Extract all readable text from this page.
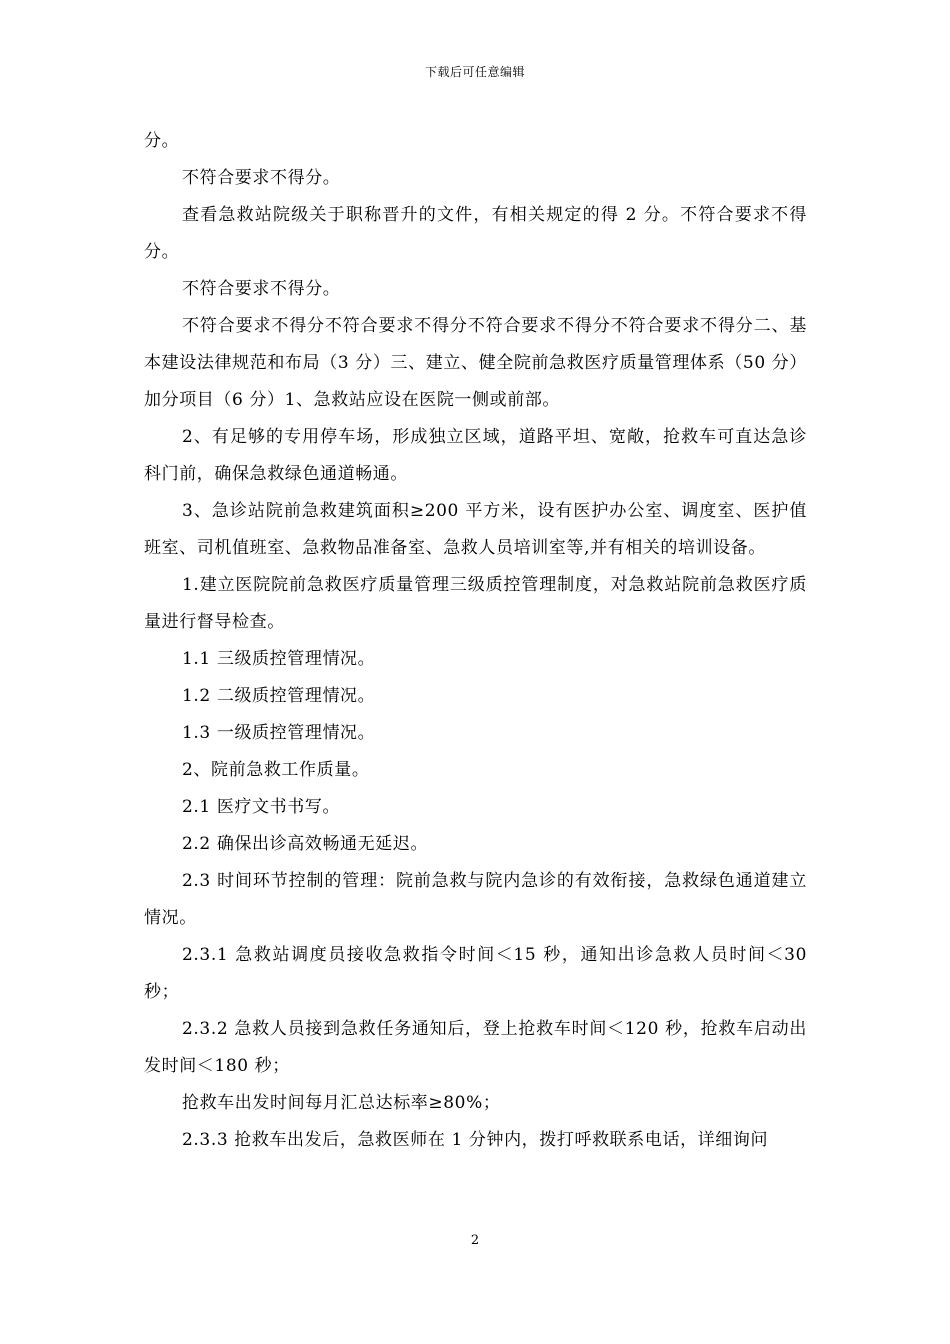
下载后可任意编辑

分。

不符合要求不得分。

查看急救站院级关于职称晋升的文件，有相关规定的得 2 分。不符合要求不得分。

不符合要求不得分。

不符合要求不得分不符合要求不得分不符合要求不得分不符合要求不得分二、基本建设法律规范和布局（3 分）三、建立、健全院前急救医疗质量管理体系（50 分）加分项目（6 分）1、急救站应设在医院一侧或前部。

2、有足够的专用停车场，形成独立区域，道路平坦、宽敞，抢救车可直达急诊科门前，确保急救绿色通道畅通。

3、急诊站院前急救建筑面积≥200 平方米，设有医护办公室、调度室、医护值班室、司机值班室、急救物品准备室、急救人员培训室等,并有相关的培训设备。

1.建立医院院前急救医疗质量管理三级质控管理制度，对急救站院前急救医疗质量进行督导检查。

1.1 三级质控管理情况。

1.2 二级质控管理情况。

1.3 一级质控管理情况。

2、院前急救工作质量。

2.1 医疗文书书写。

2.2 确保出诊高效畅通无延迟。

2.3 时间环节控制的管理：院前急救与院内急诊的有效衔接，急救绿色通道建立情况。

2.3.1 急救站调度员接收急救指令时间＜15 秒，通知出诊急救人员时间＜30 秒；

2.3.2 急救人员接到急救任务通知后，登上抢救车时间＜120 秒，抢救车启动出发时间＜180 秒；

抢救车出发时间每月汇总达标率≥80%；

2.3.3 抢救车出发后，急救医师在 1 分钟内，拨打呼救联系电话，详细询问

2
